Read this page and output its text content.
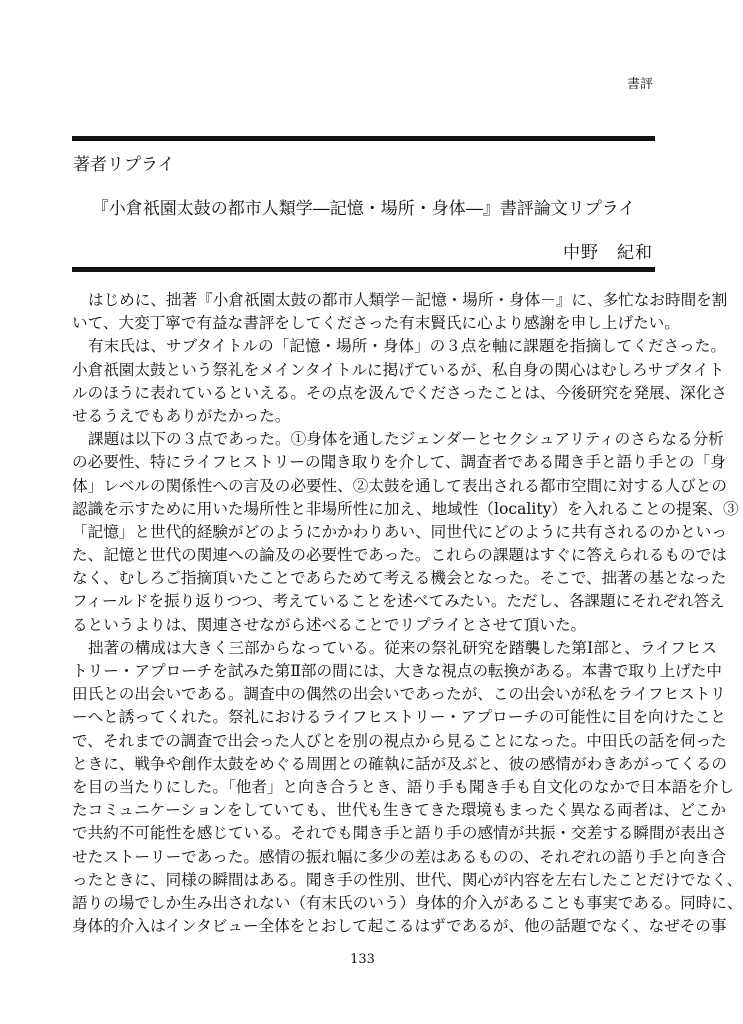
書評
著者リプライ
『小倉祇園太鼓の都市人類学―記憶・場所・身体―』書評論文リプライ
中野　紀和
はじめに、拙著『小倉祇園太鼓の都市人類学－記憶・場所・身体－』に、多忙なお時間を割
いて、大変丁寧で有益な書評をしてくださった有末賢氏に心より感謝を申し上げたい。
有末氏は、サブタイトルの「記憶・場所・身体」の３点を軸に課題を指摘してくださった。
小倉祇園太鼓という祭礼をメインタイトルに掲げているが、私自身の関心はむしろサブタイト
ルのほうに表れているといえる。その点を汲んでくださったことは、今後研究を発展、深化さ
せるうえでもありがたかった。
課題は以下の３点であった。①身体を通したジェンダーとセクシュアリティのさらなる分析
の必要性、特にライフヒストリーの聞き取りを介して、調査者である聞き手と語り手との「身
体」レベルの関係性への言及の必要性、②太鼓を通して表出される都市空間に対する人びとの
認識を示すために用いた場所性と非場所性に加え、地域性（locality）を入れることの提案、③
「記憶」と世代的経験がどのようにかかわりあい、同世代にどのように共有されるのかといっ
た、記憶と世代の関連への論及の必要性であった。これらの課題はすぐに答えられるものでは
なく、むしろご指摘頂いたことであらためて考える機会となった。そこで、拙著の基となった
フィールドを振り返りつつ、考えていることを述べてみたい。ただし、各課題にそれぞれ答え
るというよりは、関連させながら述べることでリプライとさせて頂いた。
拙著の構成は大きく三部からなっている。従来の祭礼研究を踏襲した第Ⅰ部と、ライフヒス
トリー・アプローチを試みた第Ⅱ部の間には、大きな視点の転換がある。本書で取り上げた中
田氏との出会いである。調査中の偶然の出会いであったが、この出会いが私をライフヒストリ
ーへと誘ってくれた。祭礼におけるライフヒストリー・アプローチの可能性に目を向けたこと
で、それまでの調査で出会った人びとを別の視点から見ることになった。中田氏の話を伺った
ときに、戦争や創作太鼓をめぐる周囲との確執に話が及ぶと、彼の感情がわきあがってくるの
を目の当たりにした。「他者」と向き合うとき、語り手も聞き手も自文化のなかで日本語を介し
たコミュニケーションをしていても、世代も生きてきた環境もまったく異なる両者は、どこか
で共約不可能性を感じている。それでも聞き手と語り手の感情が共振・交差する瞬間が表出さ
せたストーリーであった。感情の振れ幅に多少の差はあるものの、それぞれの語り手と向き合
ったときに、同様の瞬間はある。聞き手の性別、世代、関心が内容を左右したことだけでなく、
語りの場でしか生み出されない（有末氏のいう）身体的介入があることも事実である。同時に、
身体的介入はインタビュー全体をとおして起こるはずであるが、他の話題でなく、なぜその事
133
